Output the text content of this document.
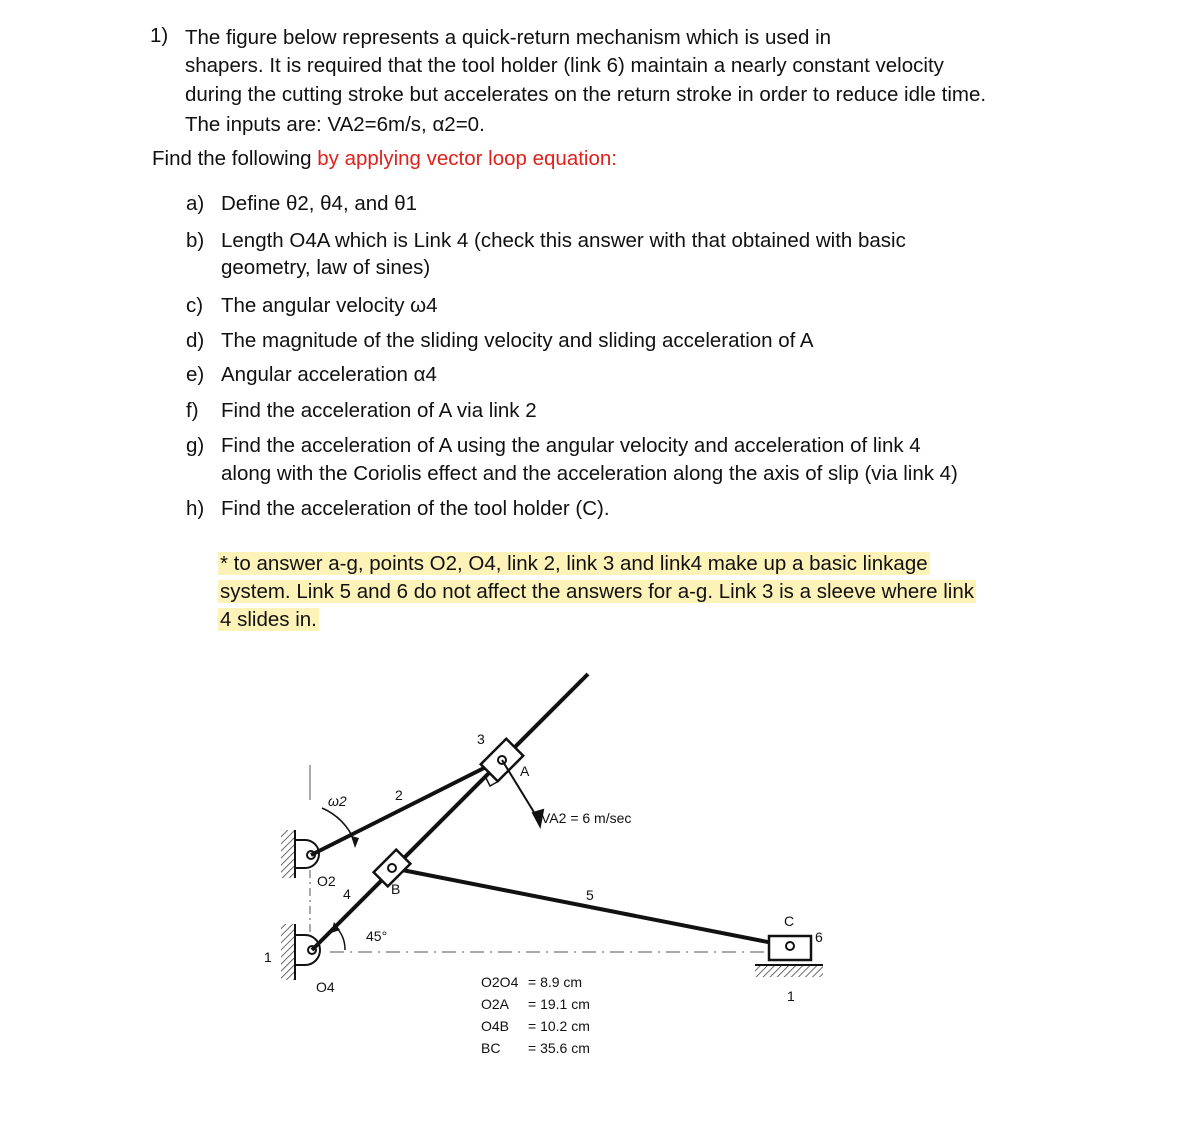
1) The figure below represents a quick-return mechanism which is used in
shapers. It is required that the tool holder (link 6) maintain a nearly constant velocity
during the cutting stroke but accelerates on the return stroke in order to reduce idle time.
The inputs are: VA2=6m/s, α2=0.
Find the following by applying vector loop equation:
a) Define θ2, θ4, and θ1
b) Length O4A which is Link 4 (check this answer with that obtained with basic
geometry, law of sines)
c) The angular velocity ω4
d) The magnitude of the sliding velocity and sliding acceleration of A
e) Angular acceleration α4
f) Find the acceleration of A via link 2
g) Find the acceleration of A using the angular velocity and acceleration of link 4
along with the Coriolis effect and the acceleration along the axis of slip (via link 4)
h) Find the acceleration of the tool holder (C).
* to answer a-g, points O2, O4, link 2, link 3 and link4 make up a basic linkage
system. Link 5 and 6 do not affect the answers for a-g. Link 3 is a sleeve where link
4 slides in.
3
A
2
ω2
O2
4	B	5
C
6
45°
1
O4
1
VA2 = 6 m/sec
O2O4 = 8.9 cm
O2A = 19.1 cm
O4B = 10.2 cm
BC = 35.6 cm
